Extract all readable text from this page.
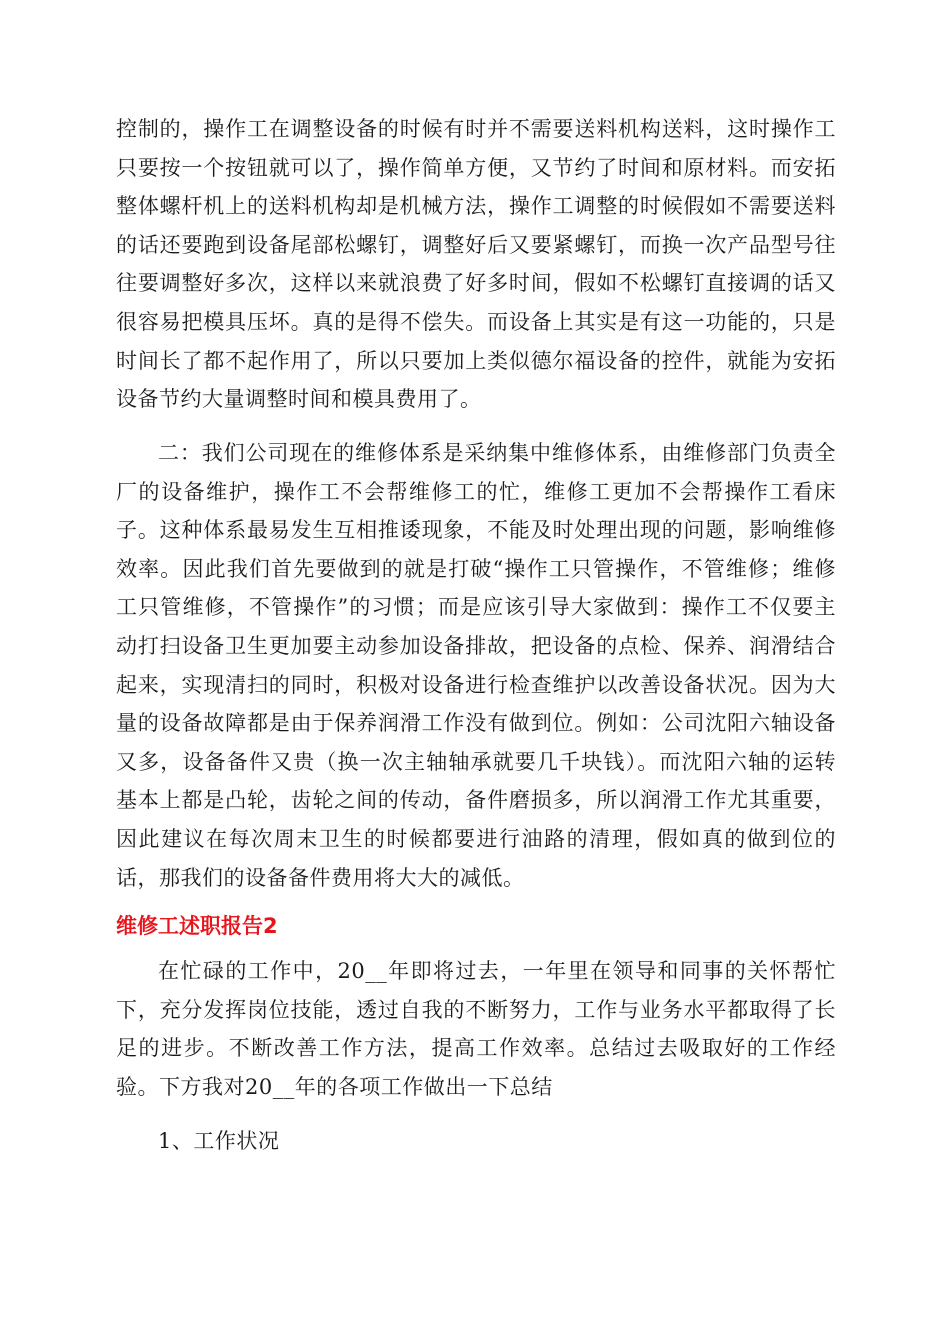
控制的，操作工在调整设备的时候有时并不需要送料机构送料，这时操作工只要按一个按钮就可以了，操作简单方便，又节约了时间和原材料。而安拓整体螺杆机上的送料机构却是机械方法，操作工调整的时候假如不需要送料的话还要跑到设备尾部松螺钉，调整好后又要紧螺钉，而换一次产品型号往往要调整好多次，这样以来就浪费了好多时间，假如不松螺钉直接调的话又很容易把模具压坏。真的是得不偿失。而设备上其实是有这一功能的，只是时间长了都不起作用了，所以只要加上类似德尔福设备的控件，就能为安拓设备节约大量调整时间和模具费用了。

二：我们公司现在的维修体系是采纳集中维修体系，由维修部门负责全厂的设备维护，操作工不会帮维修工的忙，维修工更加不会帮操作工看床子。这种体系最易发生互相推诿现象，不能及时处理出现的问题，影响维修效率。因此我们首先要做到的就是打破“操作工只管操作，不管维修；维修工只管维修，不管操作”的习惯；而是应该引导大家做到：操作工不仅要主动打扫设备卫生更加要主动参加设备排故，把设备的点检、保养、润滑结合起来，实现清扫的同时，积极对设备进行检查维护以改善设备状况。因为大量的设备故障都是由于保养润滑工作没有做到位。例如：公司沈阳六轴设备又多，设备备件又贵（换一次主轴轴承就要几千块钱）。而沈阳六轴的运转基本上都是凸轮，齿轮之间的传动，备件磨损多，所以润滑工作尤其重要，因此建议在每次周末卫生的时候都要进行油路的清理，假如真的做到位的话，那我们的设备备件费用将大大的减低。

维修工述职报告2

在忙碌的工作中，20__年即将过去，一年里在领导和同事的关怀帮忙下，充分发挥岗位技能，透过自我的不断努力，工作与业务水平都取得了长足的进步。不断改善工作方法，提高工作效率。总结过去吸取好的工作经验。下方我对20__年的各项工作做出一下总结

1、工作状况
